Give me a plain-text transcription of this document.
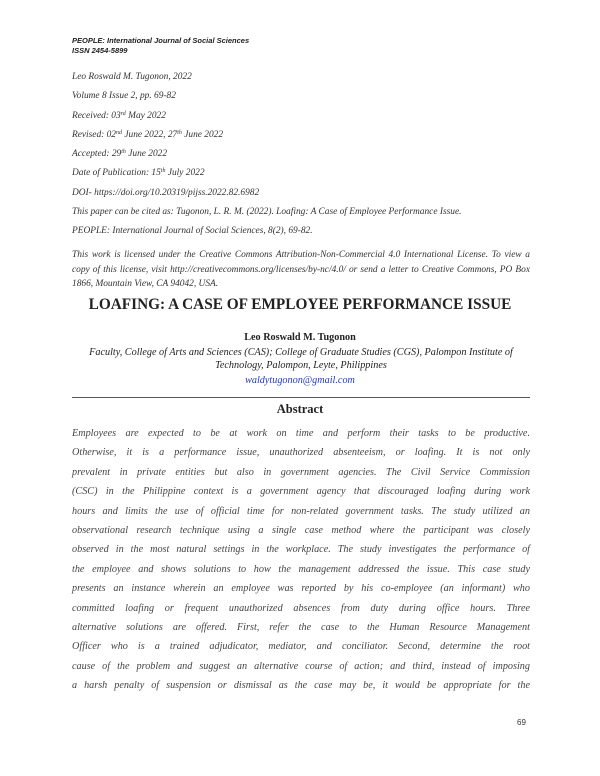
PEOPLE: International Journal of Social Sciences
ISSN 2454-5899
Leo Roswald M. Tugonon, 2022
Volume 8 Issue 2, pp. 69-82
Received: 03rd May 2022
Revised: 02nd June 2022, 27th June 2022
Accepted: 29th June 2022
Date of Publication: 15th July 2022
DOI- https://doi.org/10.20319/pijss.2022.82.6982
This paper can be cited as: Tugonon, L. R. M. (2022). Loafing: A Case of Employee Performance Issue.
PEOPLE: International Journal of Social Sciences, 8(2), 69-82.
This work is licensed under the Creative Commons Attribution-Non-Commercial 4.0 International License. To view a copy of this license, visit http://creativecommons.org/licenses/by-nc/4.0/ or send a letter to Creative Commons, PO Box 1866, Mountain View, CA 94042, USA.
LOAFING: A CASE OF EMPLOYEE PERFORMANCE ISSUE
Leo Roswald M. Tugonon
Faculty, College of Arts and Sciences (CAS); College of Graduate Studies (CGS), Palompon Institute of Technology, Palompon, Leyte, Philippines
waldytugonon@gmail.com
Abstract
Employees are expected to be at work on time and perform their tasks to be productive.
Otherwise, it is a performance issue, unauthorized absenteeism, or loafing. It is not only
prevalent in private entities but also in government agencies. The Civil Service Commission
(CSC) in the Philippine context is a government agency that discouraged loafing during work
hours and limits the use of official time for non-related government tasks. The study utilized an
observational research technique using a single case method where the participant was closely
observed in the most natural settings in the workplace. The study investigates the performance of
the employee and shows solutions to how the management addressed the issue. This case study
presents an instance wherein an employee was reported by his co-employee (an informant) who
committed loafing or frequent unauthorized absences from duty during office hours. Three
alternative solutions are offered. First, refer the case to the Human Resource Management
Officer who is a trained adjudicator, mediator, and conciliator. Second, determine the root
cause of the problem and suggest an alternative course of action; and third, instead of imposing
a harsh penalty of suspension or dismissal as the case may be, it would be appropriate for the
69
